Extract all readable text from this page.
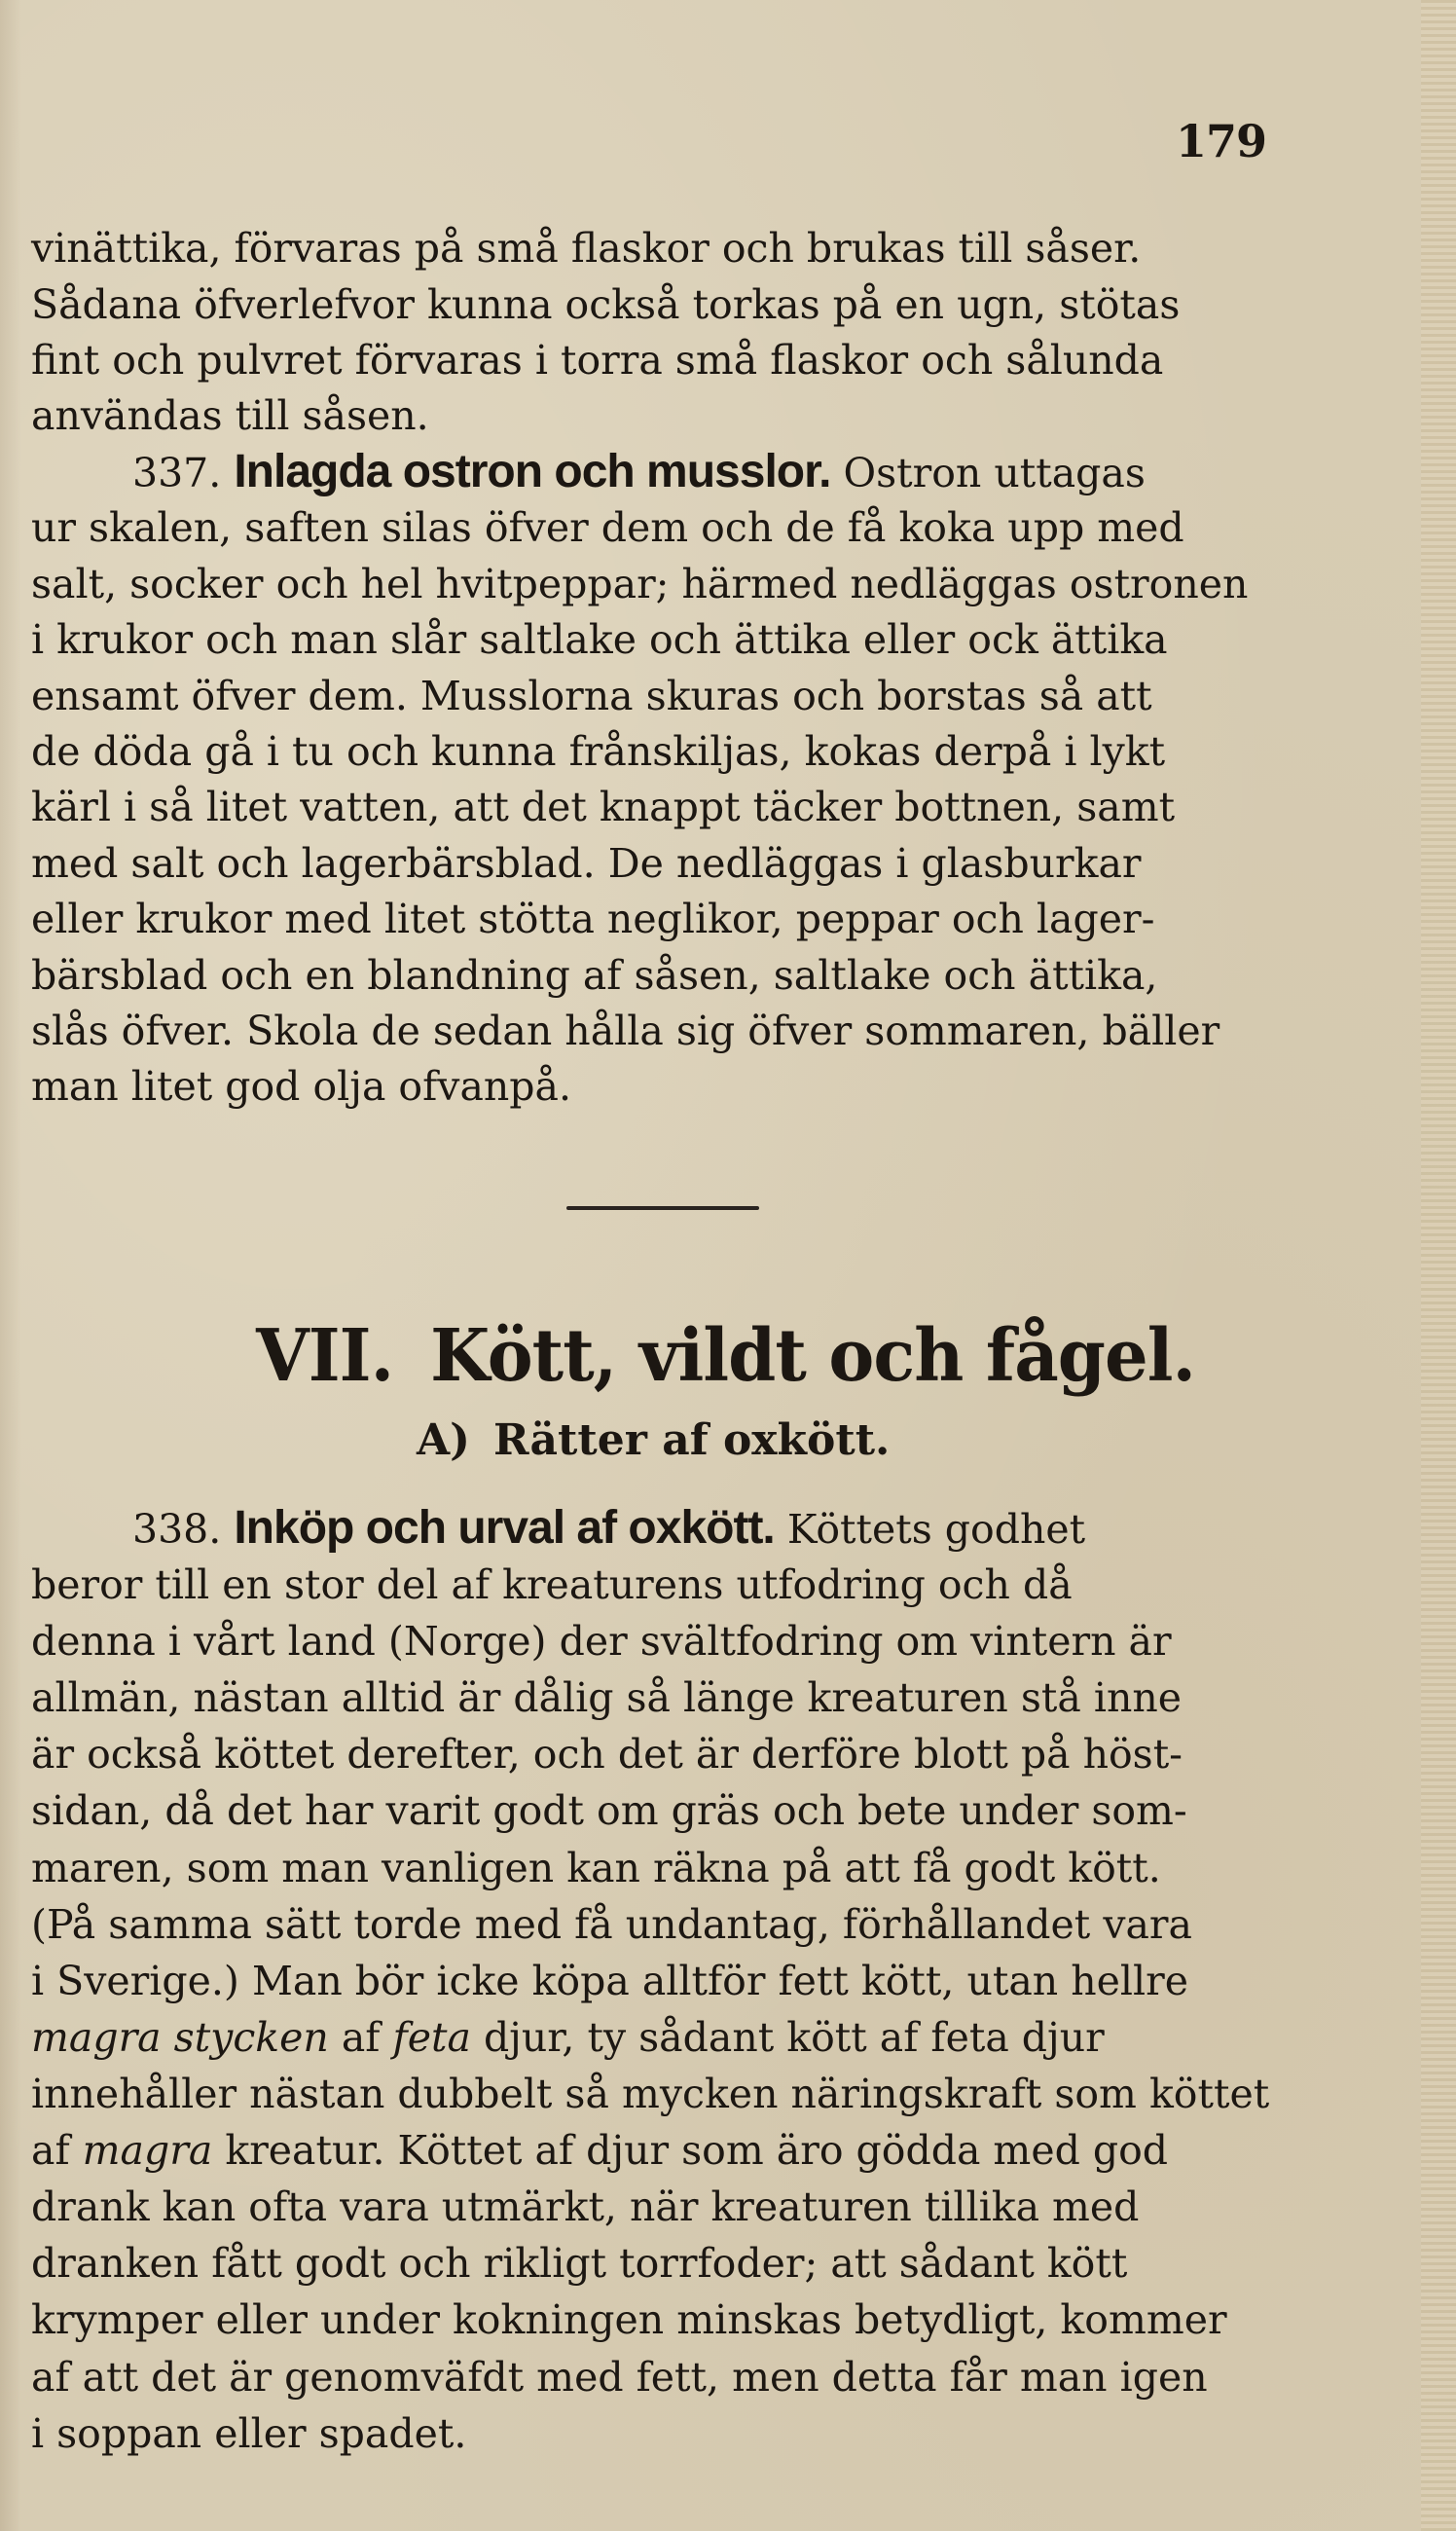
179
vinättika, förvaras på små flaskor och brukas till såser.
Sådana öfverlefvor kunna också torkas på en ugn, stötas
fint och pulvret förvaras i torra små flaskor och sålunda
användas till såsen.
337. Inlagda ostron och musslor. Ostron uttagas
ur skalen, saften silas öfver dem och de få koka upp med
salt, socker och hel hvitpeppar; härmed nedläggas ostronen
i krukor och man slår saltlake och ättika eller ock ättika
ensamt öfver dem. Musslorna skuras och borstas så att
de döda gå i tu och kunna frånskiljas, kokas derpå i lykt
kärl i så litet vatten, att det knappt täcker bottnen, samt
med salt och lagerbärsblad. De nedläggas i glasburkar
eller krukor med litet stötta neglikor, peppar och lager-
bärsblad och en blandning af såsen, saltlake och ättika,
slås öfver. Skola de sedan hålla sig öfver sommaren, bäller
man litet god olja ofvanpå.
VII. Kött, vildt och fågel.
A) Rätter af oxkött.
338. Inköp och urval af oxkött. Köttets godhet
beror till en stor del af kreaturens utfodring och då
denna i vårt land (Norge) der svältfodring om vintern är
allmän, nästan alltid är dålig så länge kreaturen stå inne
är också köttet derefter, och det är derföre blott på höst-
sidan, då det har varit godt om gräs och bete under som-
maren, som man vanligen kan räkna på att få godt kött.
(På samma sätt torde med få undantag, förhållandet vara
i Sverige.) Man bör icke köpa alltför fett kött, utan hellre
magra stycken af feta djur, ty sådant kött af feta djur
innehåller nästan dubbelt så mycken näringskraft som köttet
af magra kreatur. Köttet af djur som äro gödda med god
drank kan ofta vara utmärkt, när kreaturen tillika med
dranken fått godt och rikligt torrfoder; att sådant kött
krymper eller under kokningen minskas betydligt, kommer
af att det är genomväfdt med fett, men detta får man igen
i soppan eller spadet.
